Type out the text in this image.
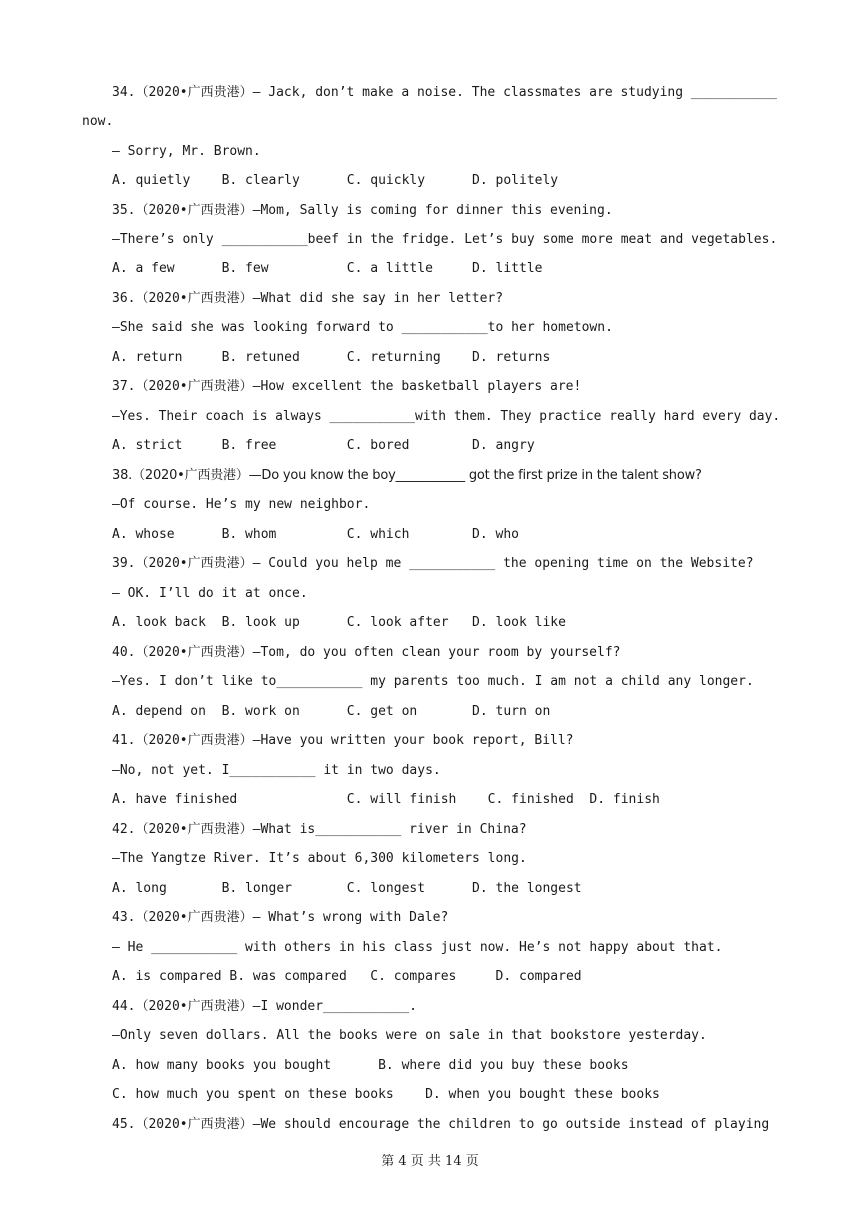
34.（2020•广西贵港）— Jack, don’t make a noise. The classmates are studying ___________
now.
— Sorry, Mr. Brown.
A. quietly    B. clearly      C. quickly      D. politely
35.（2020•广西贵港）—Mom, Sally is coming for dinner this evening.
—There’s only ___________beef in the fridge. Let’s buy some more meat and vegetables.
A. a few      B. few          C. a little     D. little
36.（2020•广西贵港）—What did she say in her letter?
—She said she was looking forward to ___________to her hometown.
A. return     B. retuned      C. returning    D. returns
37.（2020•广西贵港）—How excellent the basketball players are!
—Yes. Their coach is always ___________with them. They practice really hard every day.
A. strict     B. free         C. bored        D. angry
38.（2020•广西贵港）—Do you know the boy___________ got the first prize in the talent show?
—Of course. He’s my new neighbor.
A. whose      B. whom         C. which        D. who
39.（2020•广西贵港）— Could you help me ___________ the opening time on the Website?
— OK. I’ll do it at once.
A. look back  B. look up      C. look after   D. look like
40.（2020•广西贵港）—Tom, do you often clean your room by yourself?
—Yes. I don’t like to___________ my parents too much. I am not a child any longer.
A. depend on  B. work on      C. get on       D. turn on
41.（2020•广西贵港）—Have you written your book report, Bill?
—No, not yet. I___________ it in two days.
A. have finished              C. will finish    C. finished  D. finish
42.（2020•广西贵港）—What is___________ river in China?
—The Yangtze River. It’s about 6,300 kilometers long.
A. long       B. longer       C. longest      D. the longest
43.（2020•广西贵港）— What’s wrong with Dale?
— He ___________ with others in his class just now. He’s not happy about that.
A. is compared B. was compared   C. compares     D. compared
44.（2020•广西贵港）—I wonder___________.
—Only seven dollars. All the books were on sale in that bookstore yesterday.
A. how many books you bought      B. where did you buy these books
C. how much you spent on these books    D. when you bought these books
45.（2020•广西贵港）—We should encourage the children to go outside instead of playing
第 4 页 共 14 页
